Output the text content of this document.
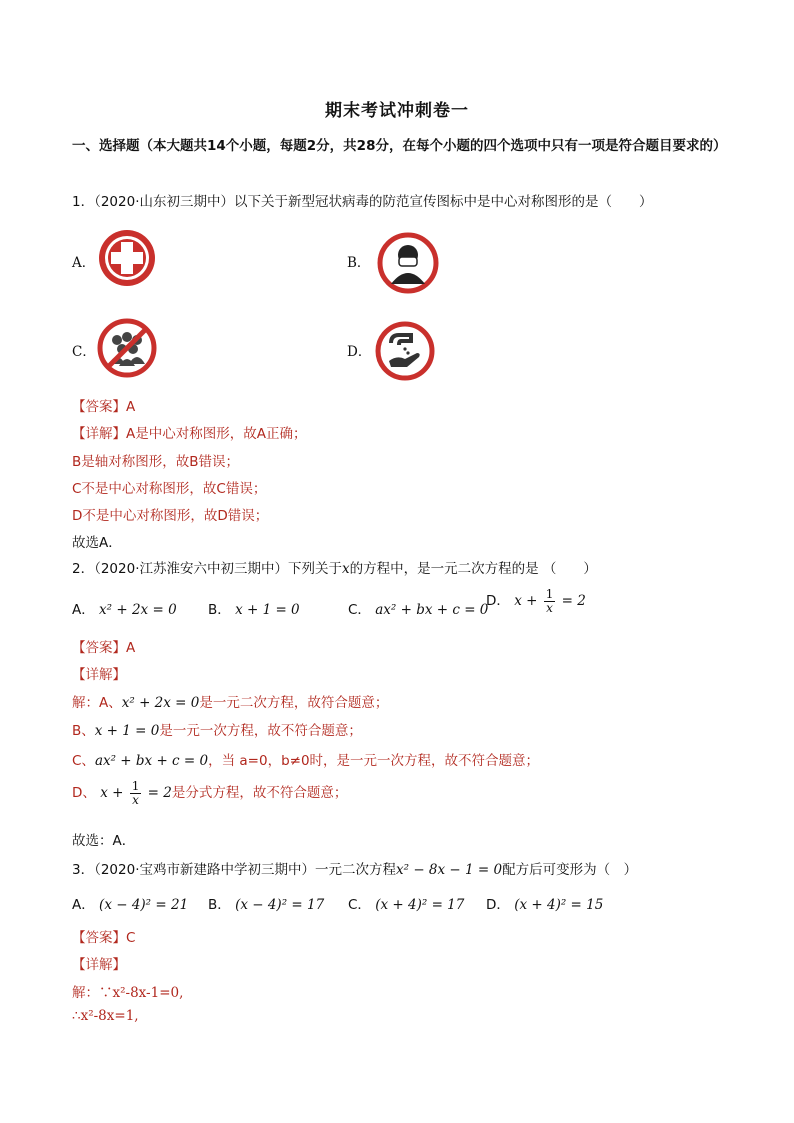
期末考试冲刺卷一
一、选择题（本大题共14个小题，每题2分，共28分，在每个小题的四个选项中只有一项是符合题目要求的）
1．（2020·山东初三期中）以下关于新型冠状病毒的防范宣传图标中是中心对称图形的是（　　）
A．	B．
C．	D．
【答案】A
【详解】A是中心对称图形，故A正确；
B是轴对称图形，故B错误；
C不是中心对称图形，故C错误；
D不是中心对称图形，故D错误；
故选A．
2．（2020·江苏淮安六中初三期中）下列关于x的方程中，是一元二次方程的是 （　　）
A． x² + 2x = 0 B． x + 1 = 0	C． ax² + bx + c = 0
D． $x + \frac{1}{x} = 2$
【答案】A
【详解】
解：A、x² + 2x = 0是一元二次方程，故符合题意；
B、x + 1 = 0是一元一次方程，故不符合题意；
C、ax² + bx + c = 0，当 a=0，b≠0时，是一元一次方程，故不符合题意；
D、 $x + \frac{1}{x} = 2$是分式方程，故不符合题意；
故选：A．
3．（2020·宝鸡市新建路中学初三期中）一元二次方程x² − 8x − 1 = 0配方后可变形为（　）
A． (x − 4)² = 21 B． (x − 4)² = 17 C． (x + 4)² = 17 D． (x + 4)² = 15
【答案】C
【详解】
解：∵x²-8x-1=0,
∴x²-8x=1,
